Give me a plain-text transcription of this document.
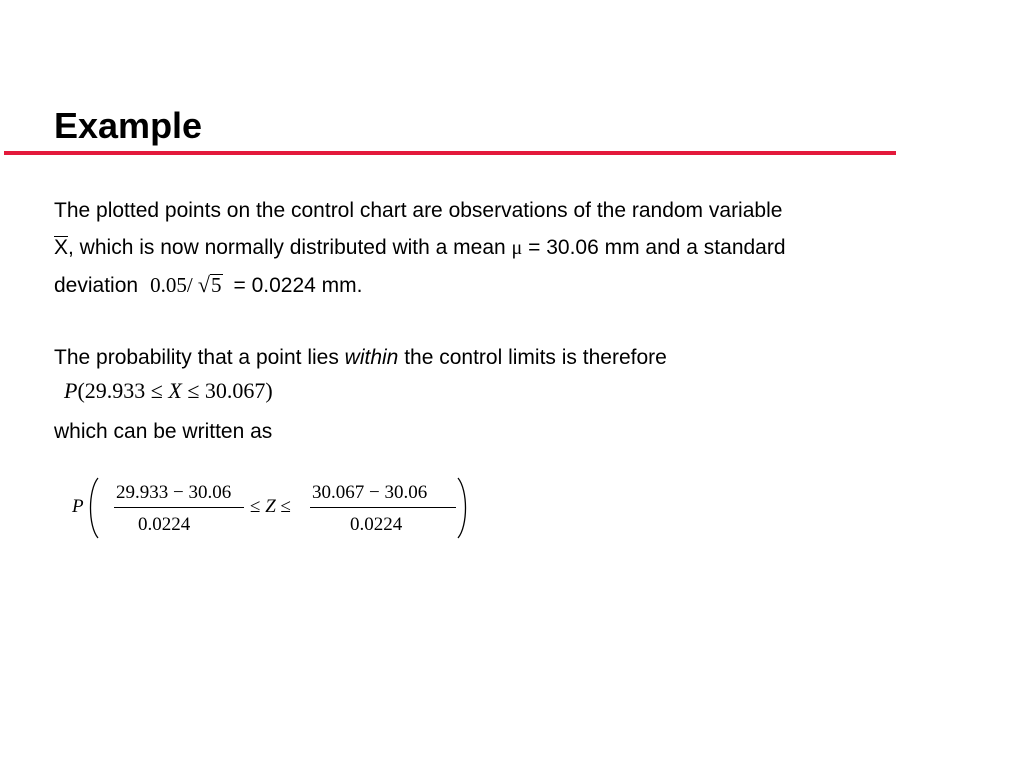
Example
The plotted points on the control chart are observations of the random variable
X, which is now normally distributed with a mean μ = 30.06 mm and a standard
deviation 0.05/ √5 = 0.0224 mm.
The probability that a point lies within the control limits is therefore
P(29.933 ≤ X ≤ 30.067)
which can be written as
P
29.933 − 30.06
0.0224
≤ Z ≤
30.067 − 30.06
0.0224
